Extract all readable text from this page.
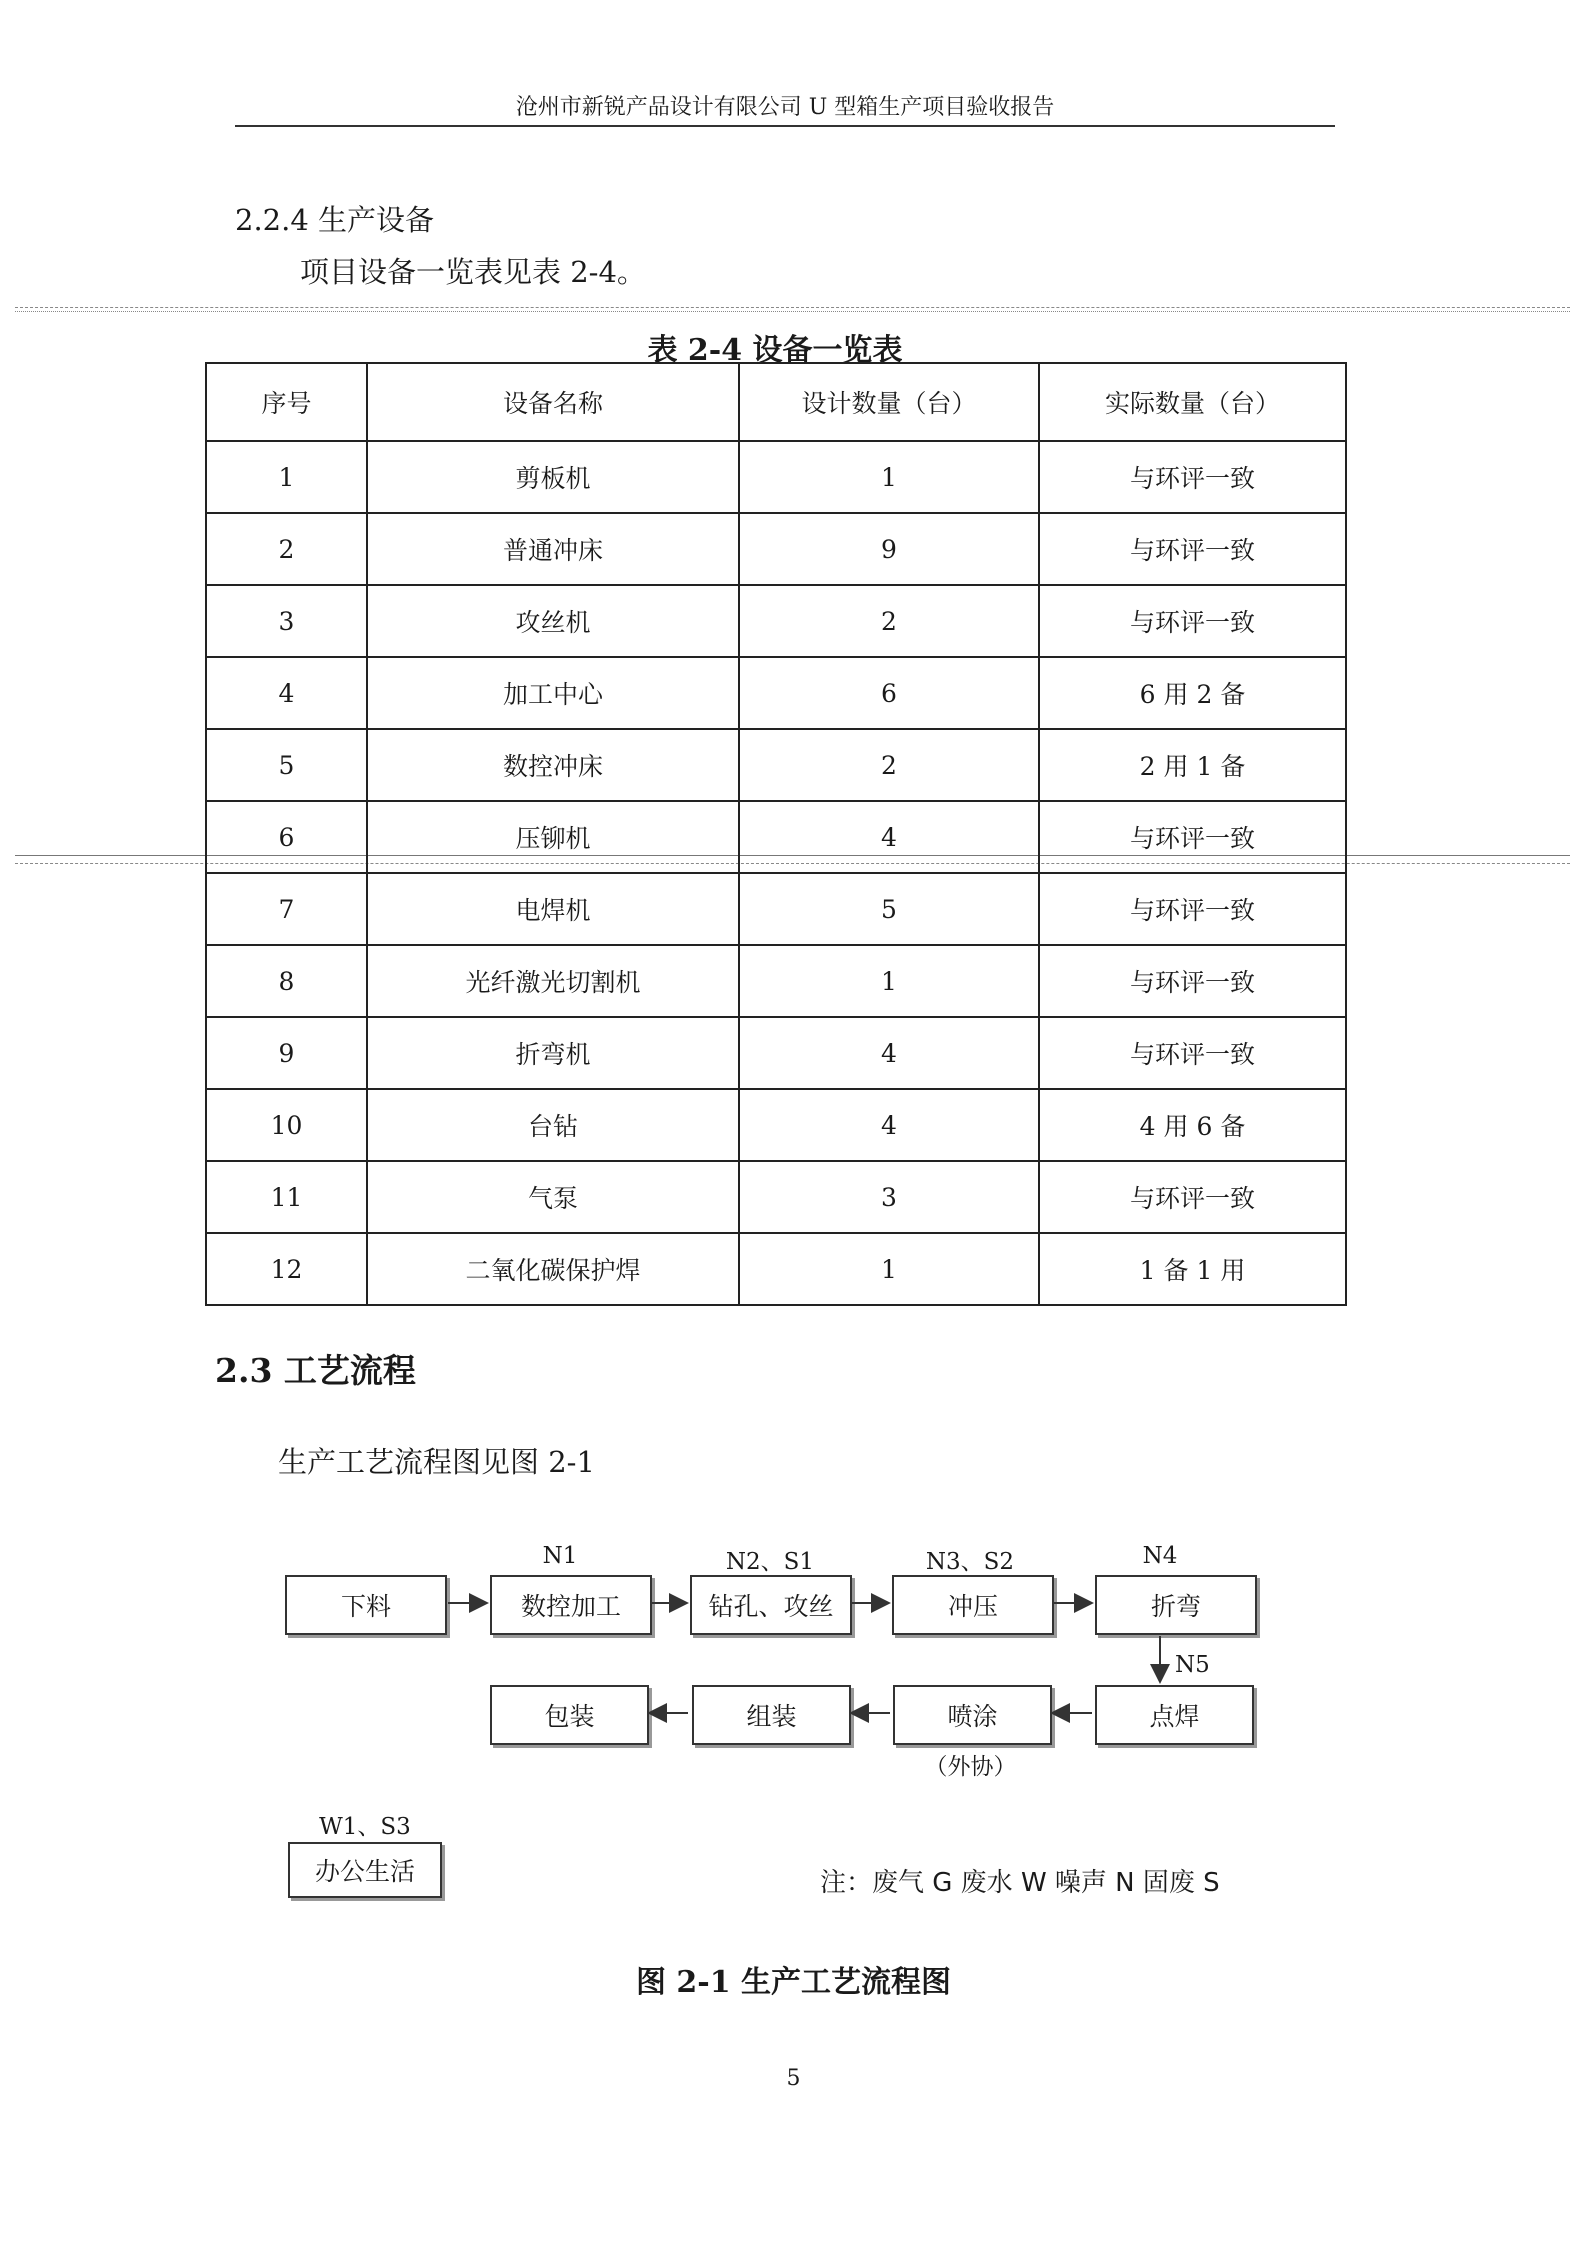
沧州市新锐产品设计有限公司 U 型箱生产项目验收报告
2.2.4 生产设备
项目设备一览表见表 2-4。
表 2-4 设备一览表
序号	设备名称	设计数量（台）	实际数量（台）
1	剪板机	1	与环评一致
2	普通冲床	9	与环评一致
3	攻丝机	2	与环评一致
4	加工中心	6	6 用 2 备
5	数控冲床	2	2 用 1 备
6	压铆机	4	与环评一致
7	电焊机	5	与环评一致
8	光纤激光切割机	1	与环评一致
9	折弯机	4	与环评一致
10	台钻	4	4 用 6 备
11	气泵	3	与环评一致
12	二氧化碳保护焊	1	1 备 1 用
2.3 工艺流程
生产工艺流程图见图 2-1
N1	N2、S1	N3、S2	N4
下料	数控加工	钻孔、攻丝	冲压	折弯
点焊
喷涂
组装
包装
（外协）
N5
W1、S3
办公生活	注：废气 G 废水 W 噪声 N 固废 S
图 2-1 生产工艺流程图
5
